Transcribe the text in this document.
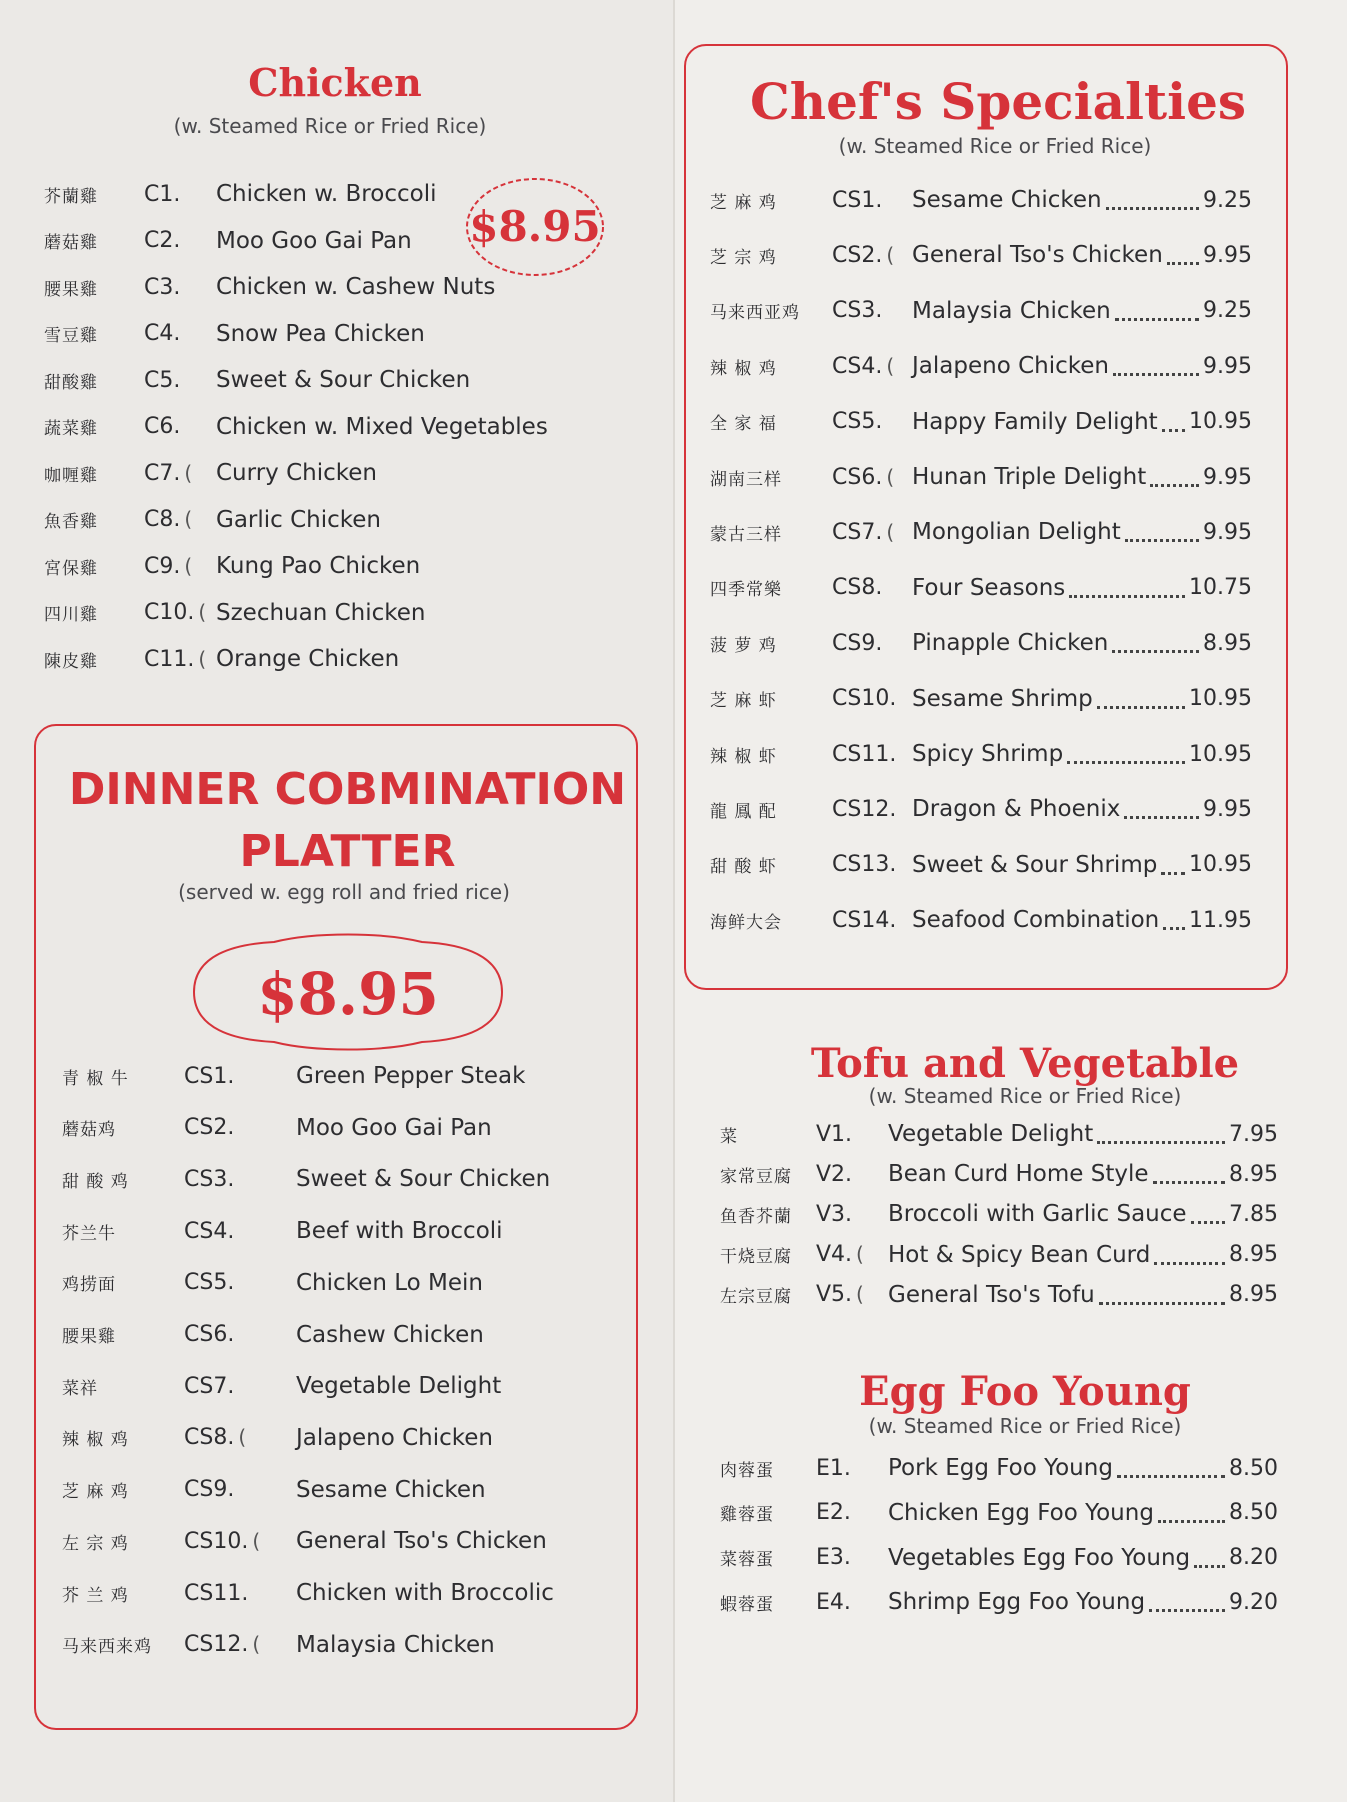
Chicken
(w. Steamed Rice or Fried Rice)
$8.95
芥蘭雞	C1.	Chicken w. Broccoli
蘑菇雞	C2.	Moo Goo Gai Pan
腰果雞	C3.	Chicken w. Cashew Nuts
雪豆雞	C4.	Snow Pea Chicken
甜酸雞	C5.	Sweet & Sour Chicken
蔬菜雞	C6.	Chicken w. Mixed Vegetables
咖喱雞	C7. (	Curry Chicken
魚香雞	C8. (	Garlic Chicken
宮保雞	C9. (	Kung Pao Chicken
四川雞	C10. ( Szechuan Chicken
陳皮雞	C11. ( Orange Chicken
DINNER COBMINATION
PLATTER
(served w. egg roll and fried rice)
$8.95
青 椒 牛	CS1.	Green Pepper Steak
蘑菇鸡	CS2.	Moo Goo Gai Pan
甜 酸 鸡	CS3.	Sweet & Sour Chicken
芥兰牛	CS4.	Beef with Broccoli
鸡捞面	CS5.	Chicken Lo Mein
腰果雞	CS6.	Cashew Chicken
菜祥	CS7.	Vegetable Delight
辣 椒 鸡	CS8. (	Jalapeno Chicken
芝 麻 鸡	CS9.	Sesame Chicken
左 宗 鸡	CS10. (	General Tso's Chicken
芥 兰 鸡	CS11.	Chicken with Broccolic
马来西来鸡	CS12. (	Malaysia Chicken
Chef's Specialties
(w. Steamed Rice or Fried Rice)
芝 麻 鸡	CS1.	Sesame Chicken	9.25
芝 宗 鸡	CS2. ( General Tso's Chicken 9.95
马来西亚鸡	CS3.	Malaysia Chicken	9.25
辣 椒 鸡	CS4. ( Jalapeno Chicken	9.95
全 家 福	CS5.	Happy Family Delight 10.95
湖南三样	CS6. ( Hunan Triple Delight	9.95
蒙古三样	CS7. ( Mongolian Delight	9.95
四季常樂	CS8.	Four Seasons	10.75
菠 萝 鸡	CS9.	Pinapple Chicken	8.95
芝 麻 虾	CS10. Sesame Shrimp	10.95
辣 椒 虾	CS11. Spicy Shrimp	10.95
龍 鳳 配	CS12. Dragon & Phoenix	9.95
甜 酸 虾	CS13. Sweet & Sour Shrimp 10.95
海鲜大会	CS14. Seafood Combination 11.95
Tofu and Vegetable
(w. Steamed Rice or Fried Rice)
菜	V1.	Vegetable Delight	7.95
家常豆腐	V2.	Bean Curd Home Style	8.95
鱼香芥蘭	V3.	Broccoli with Garlic Sauce 7.85
干烧豆腐	V4. (	Hot & Spicy Bean Curd	8.95
左宗豆腐	V5. (	General Tso's Tofu	8.95
Egg Foo Young
(w. Steamed Rice or Fried Rice)
肉蓉蛋	E1.	Pork Egg Foo Young	8.50
雞蓉蛋	E2.	Chicken Egg Foo Young	8.50
菜蓉蛋	E3.	Vegetables Egg Foo Young 8.20
蝦蓉蛋	E4.	Shrimp Egg Foo Young	9.20
